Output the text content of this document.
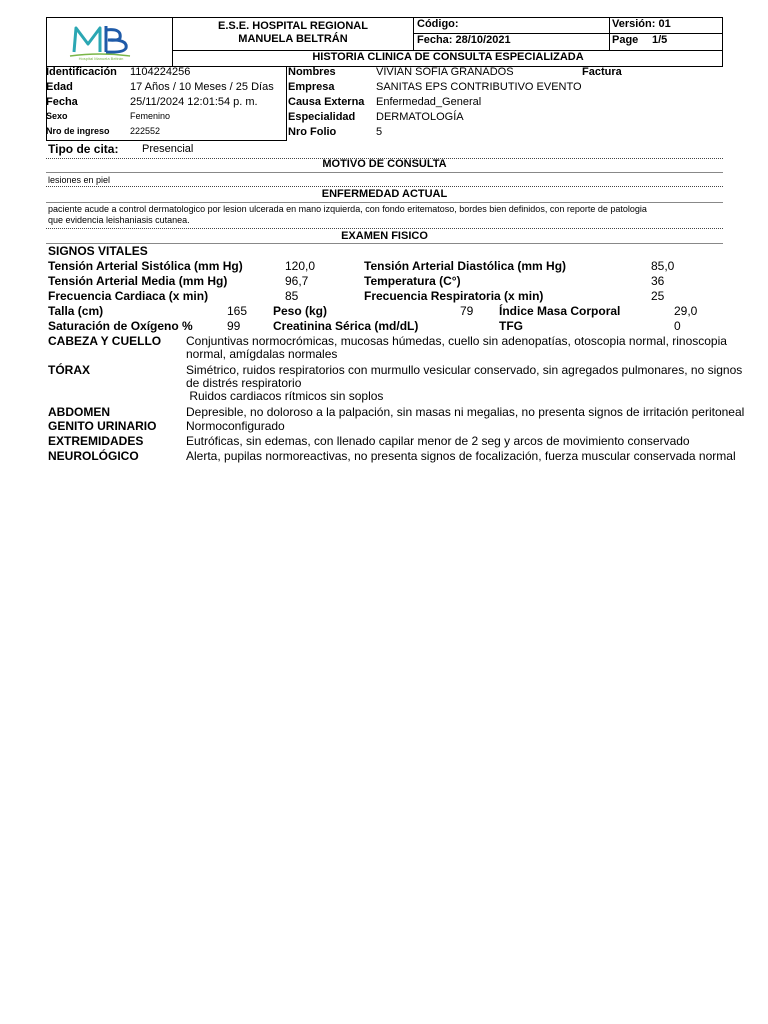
Hospital Manuela Beltrán
E.S.E. HOSPITAL REGIONAL
MANUELA BELTRÁN
Código:
Fecha: 28/10/2021
Versión: 01
Page 1/5
HISTORIA CLINICA DE CONSULTA ESPECIALIZADA
Identificación 1104224256
Edad	17 Años / 10 Meses / 25 Días
Fecha	25/11/2024 12:01:54 p. m.
Sexo	Femenino
Nro de ingreso 222552
Nombres	VIVIAN SOFIA GRANADOS	Factura
Empresa	SANITAS EPS CONTRIBUTIVO EVENTO
Causa Externa Enfermedad_General
Especialidad DERMATOLOGÍA
Nro Folio	5
Tipo de cita: Presencial
MOTIVO DE CONSULTA
lesiones en piel
ENFERMEDAD ACTUAL
paciente acude a control dermatologico por lesion ulcerada en mano izquierda, con fondo eritematoso, bordes bien definidos, con reporte de patologia
que evidencia leishaniasis cutanea.
EXAMEN FISICO
SIGNOS VITALES
Tensión Arterial Sistólica (mm Hg)	120,0	Tensión Arterial Diastólica (mm Hg)	85,0
Tensión Arterial Media (mm Hg)	96,7	Temperatura (C°)	36
Frecuencia Cardiaca (x min)	85	Frecuencia Respiratoria (x min)	25
Talla (cm)	165 Peso (kg)	79 Índice Masa Corporal	29,0
Saturación de Oxígeno %	99	Creatinina Sérica (md/dL)	TFG	0
CABEZA Y CUELLO Conjuntivas normocrómicas, mucosas húmedas, cuello sin adenopatías, otoscopia normal, rinoscopia
normal, amígdalas normales
TÓRAX	Simétrico, ruidos respiratorios con murmullo vesicular conservado, sin agregados pulmonares, no signos
de distrés respiratorio
Ruidos cardiacos rítmicos sin soplos
ABDOMEN	Depresible, no doloroso a la palpación, sin masas ni megalias, no presenta signos de irritación peritoneal
GENITO URINARIO Normoconfigurado
EXTREMIDADES	Eutróficas, sin edemas, con llenado capilar menor de 2 seg y arcos de movimiento conservado
NEUROLÓGICO	Alerta, pupilas normoreactivas, no presenta signos de focalización, fuerza muscular conservada normal
